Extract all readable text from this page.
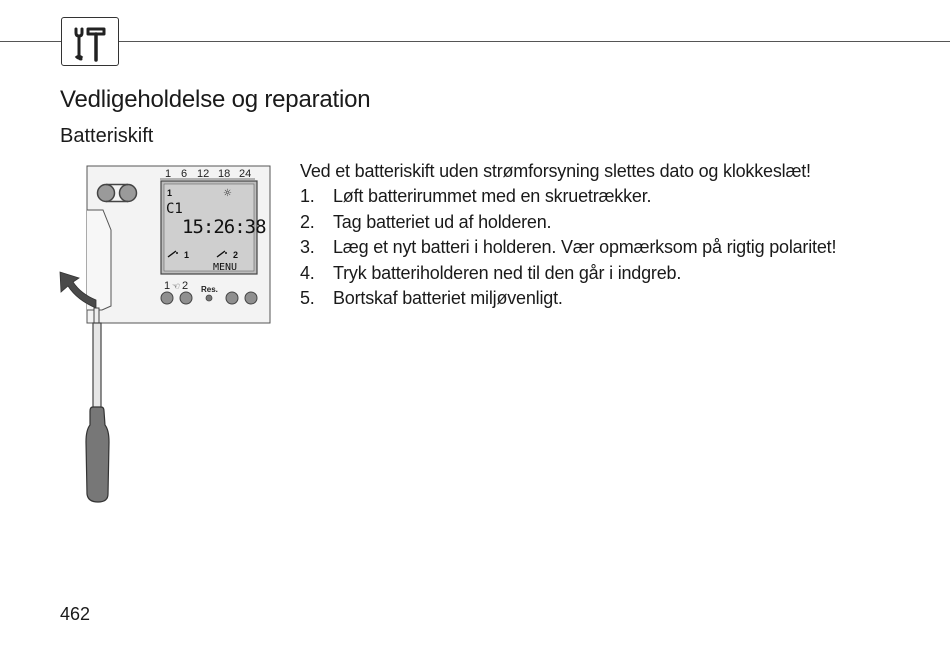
Vedligeholdelse og reparation
Batteriskift
Ved et batteriskift uden strømforsyning slettes dato og klokkeslæt!
1. Løft batterirummet med en skruetrækker.
2. Tag batteriet ud af holderen.
3. Læg et nyt batteri i holderen. Vær opmærksom på rigtig polaritet!
4. Tryk batteriholderen ned til den går i indgreb.
5. Bortskaf batteriet miljøvenligt.
1 6 12 18 24
1	☼
C1
15:26:38
1	2
MENU
1 ☜ 2 Res.
462
